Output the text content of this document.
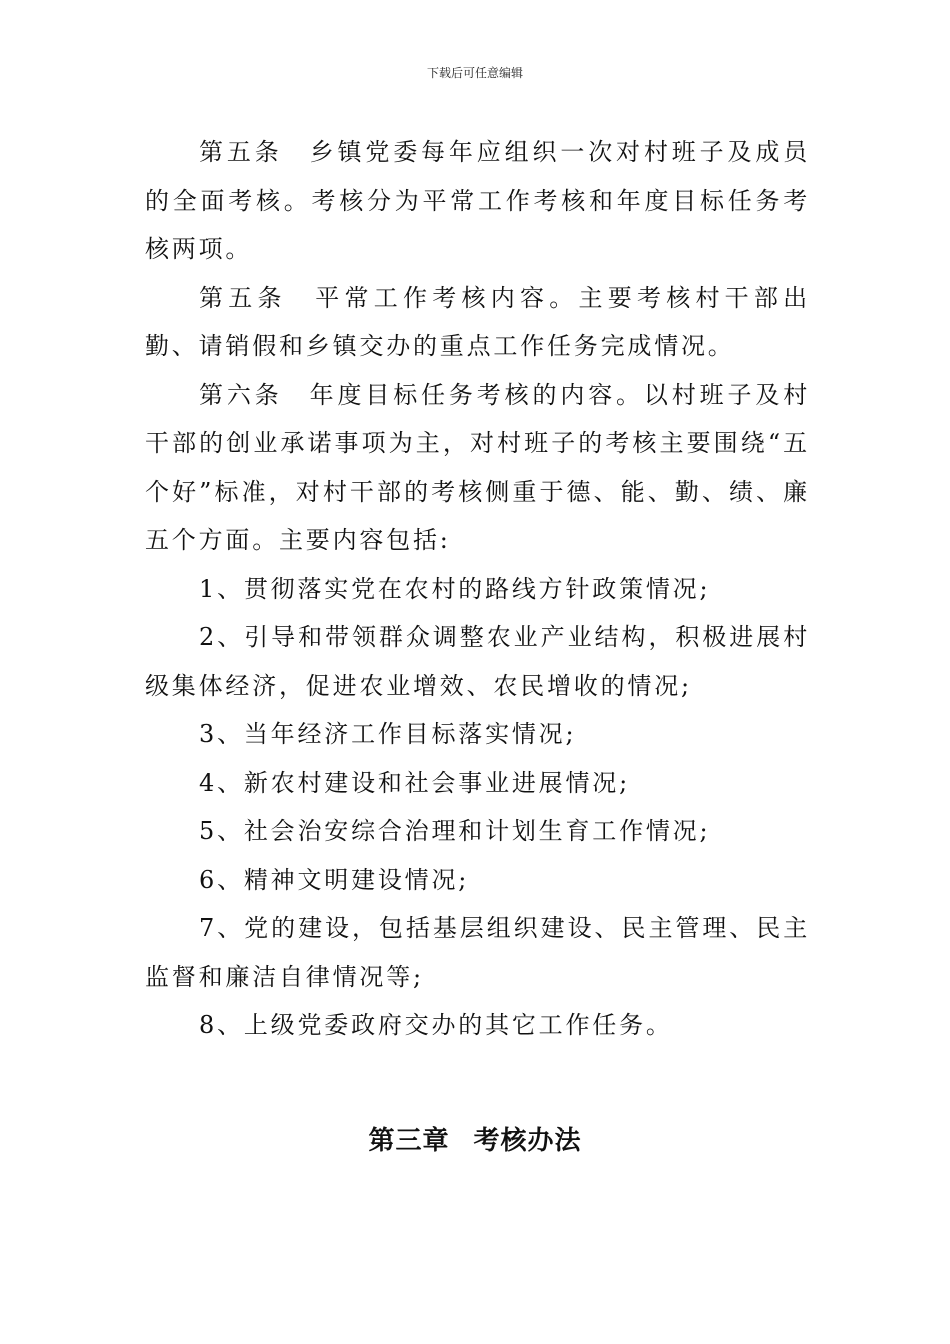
下载后可任意编辑

第五条 乡镇党委每年应组织一次对村班子及成员的全面考核。考核分为平常工作考核和年度目标任务考核两项。

第五条 平常工作考核内容。主要考核村干部出勤、请销假和乡镇交办的重点工作任务完成情况。

第六条 年度目标任务考核的内容。以村班子及村干部的创业承诺事项为主，对村班子的考核主要围绕“五个好”标准，对村干部的考核侧重于德、能、勤、绩、廉五个方面。主要内容包括:

1、贯彻落实党在农村的路线方针政策情况;

2、引导和带领群众调整农业产业结构，积极进展村级集体经济，促进农业增效、农民增收的情况;

3、当年经济工作目标落实情况;

4、新农村建设和社会事业进展情况;

5、社会治安综合治理和计划生育工作情况;

6、精神文明建设情况;

7、党的建设，包括基层组织建设、民主管理、民主监督和廉洁自律情况等;

8、上级党委政府交办的其它工作任务。

第三章 考核办法
